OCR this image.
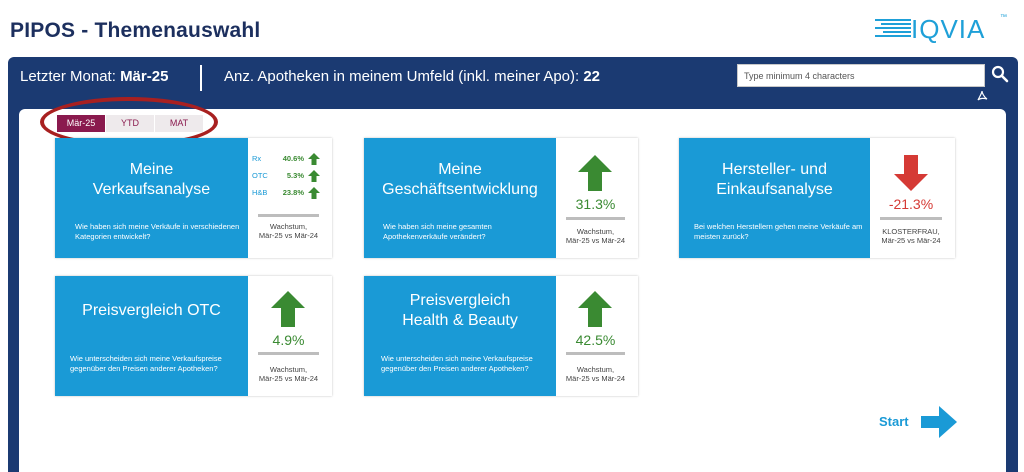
PIPOS - Themenauswahl	IQVIA ™
Letzter Monat: Mär-25	Anz. Apotheken in meinem Umfeld (inkl. meiner Apo): 22
Type minimum 4 characters
Mär-25	YTD	MAT
Meine Verkaufsanalyse
Wie haben sich meine Verkäufe in verschiedenen Kategorien entwickelt?
Rx	40.6%
OTC	5.3%
H&B	23.8%
Wachstum,
Mär-25 vs Mär-24
Meine Geschäftsentwicklung
Wie haben sich meine gesamten Apothekenverkäufe verändert?
31.3%
Wachstum,
Mär-25 vs Mär-24
Hersteller- und Einkaufsanalyse
Bei welchen Herstellern gehen meine Verkäufe am meisten zurück?
-21.3%
KLOSTERFRAU,
Mär-25 vs Mär-24
Preisvergleich OTC
Wie unterscheiden sich meine Verkaufspreise gegenüber den Preisen anderer Apotheken?
4.9%
Wachstum,
Mär-25 vs Mär-24
Preisvergleich Health & Beauty
Wie unterscheiden sich meine Verkaufspreise gegenüber den Preisen anderer Apotheken?
42.5%
Wachstum,
Mär-25 vs Mär-24
Start
